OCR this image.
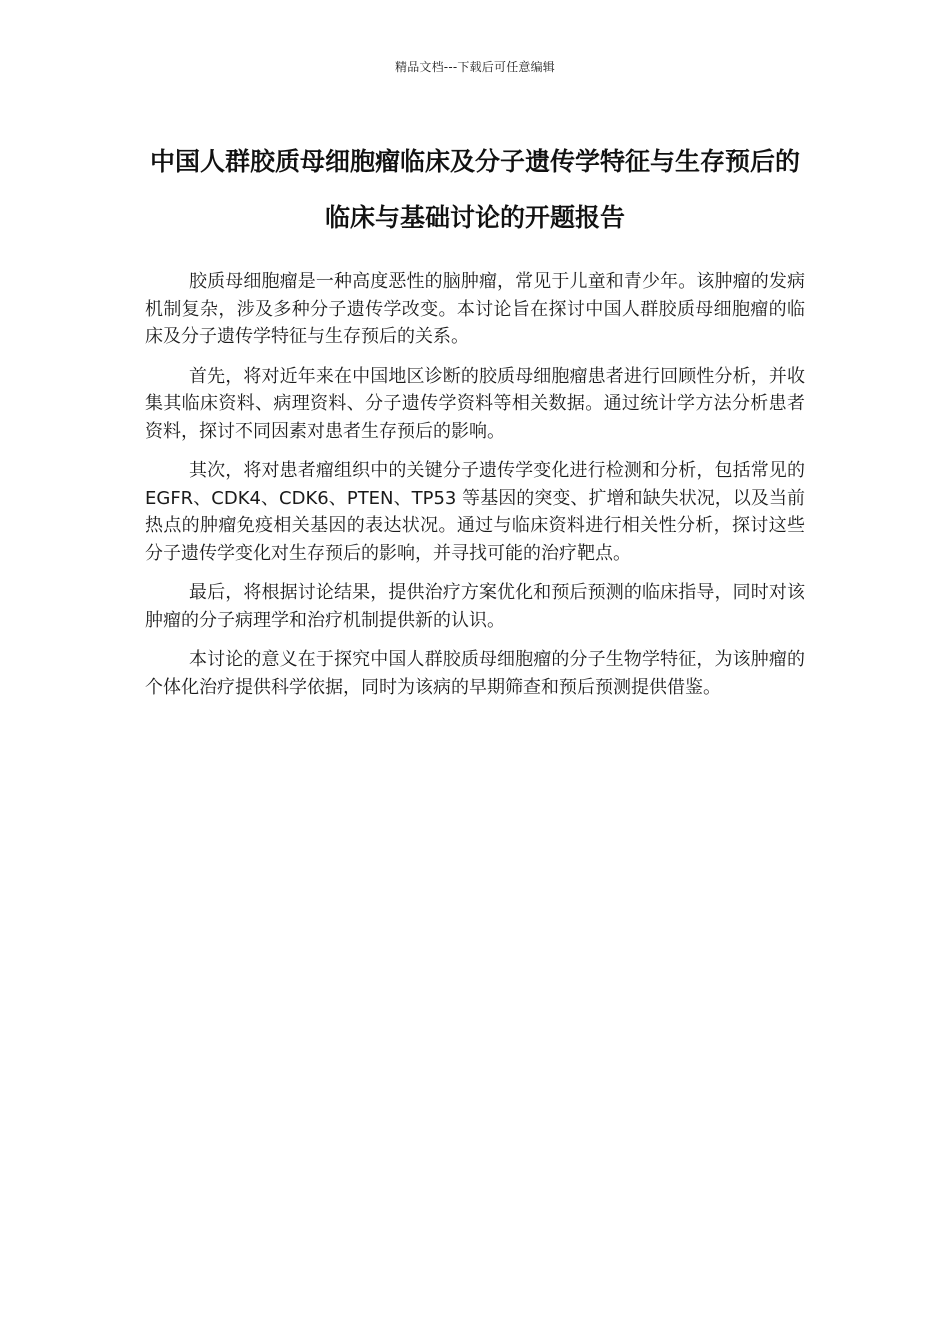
精品文档---下载后可任意编辑
中国人群胶质母细胞瘤临床及分子遗传学特征与生存预后的临床与基础讨论的开题报告

胶质母细胞瘤是一种高度恶性的脑肿瘤，常见于儿童和青少年。该肿瘤的发病机制复杂，涉及多种分子遗传学改变。本讨论旨在探讨中国人群胶质母细胞瘤的临床及分子遗传学特征与生存预后的关系。

首先，将对近年来在中国地区诊断的胶质母细胞瘤患者进行回顾性分析，并收集其临床资料、病理资料、分子遗传学资料等相关数据。通过统计学方法分析患者资料，探讨不同因素对患者生存预后的影响。

其次，将对患者瘤组织中的关键分子遗传学变化进行检测和分析，包括常见的 EGFR、CDK4、CDK6、PTEN、TP53 等基因的突变、扩增和缺失状况，以及当前热点的肿瘤免疫相关基因的表达状况。通过与临床资料进行相关性分析，探讨这些分子遗传学变化对生存预后的影响，并寻找可能的治疗靶点。

最后，将根据讨论结果，提供治疗方案优化和预后预测的临床指导，同时对该肿瘤的分子病理学和治疗机制提供新的认识。

本讨论的意义在于探究中国人群胶质母细胞瘤的分子生物学特征，为该肿瘤的个体化治疗提供科学依据，同时为该病的早期筛查和预后预测提供借鉴。
